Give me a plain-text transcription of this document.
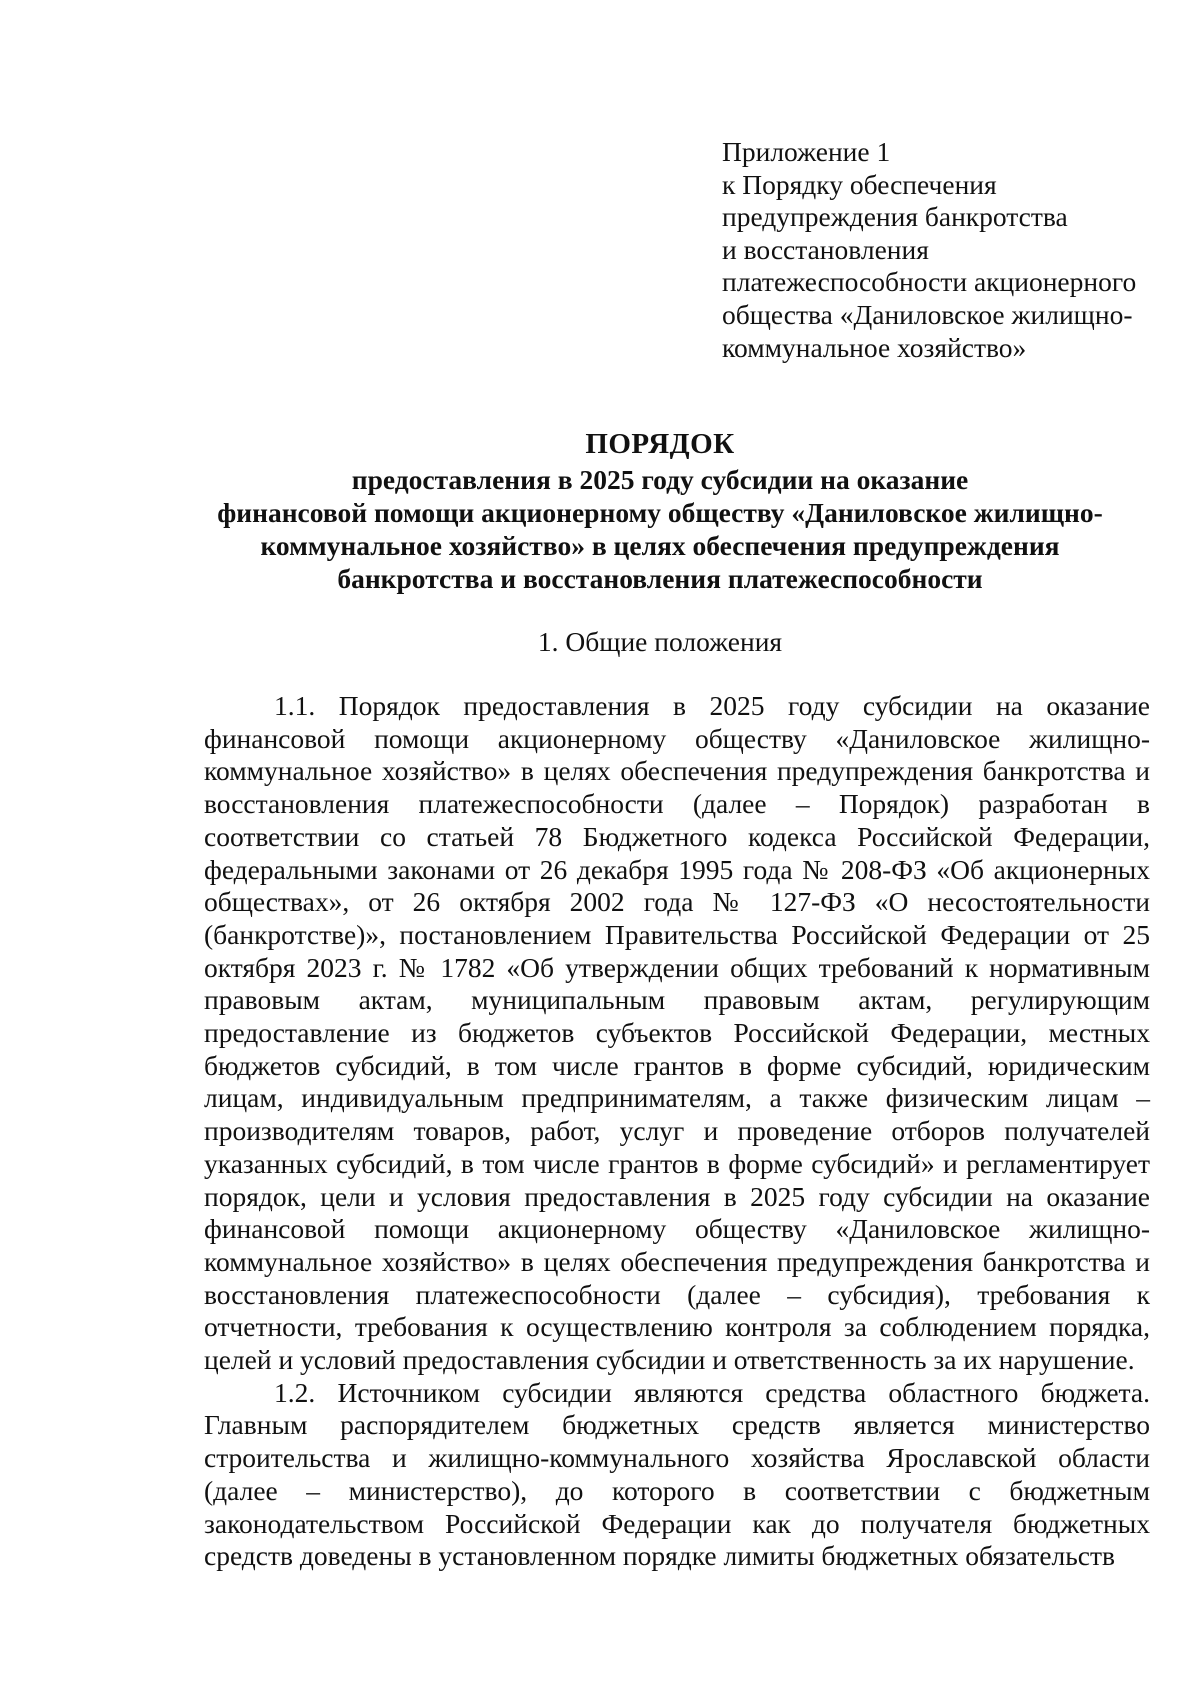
Приложение 1
к Порядку обеспечения
предупреждения банкротства
и восстановления
платежеспособности акционерного
общества «Даниловское жилищно-
коммунальное хозяйство»
ПОРЯДОК
предоставления в 2025 году субсидии на оказание
финансовой помощи акционерному обществу «Даниловское жилищно-
коммунальное хозяйство» в целях обеспечения предупреждения
банкротства и восстановления платежеспособности
1. Общие положения

1.1. Порядок предоставления в 2025 году субсидии на оказание финансовой помощи акционерному обществу «Даниловское жилищно-коммунальное хозяйство» в целях обеспечения предупреждения банкротства и восстановления платежеспособности (далее – Порядок) разработан в соответствии со статьей 78 Бюджетного кодекса Российской Федерации, федеральными законами от 26 декабря 1995 года № 208-ФЗ «Об акционерных обществах», от 26 октября 2002 года № 127-ФЗ «О несостоятельности (банкротстве)», постановлением Правительства Российской Федерации от 25 октября 2023 г. № 1782 «Об утверждении общих требований к нормативным правовым актам, муниципальным правовым актам, регулирующим предоставление из бюджетов субъектов Российской Федерации, местных бюджетов субсидий, в том числе грантов в форме субсидий, юридическим лицам, индивидуальным предпринимателям, а также физическим лицам – производителям товаров, работ, услуг и проведение отборов получателей указанных субсидий, в том числе грантов в форме субсидий» и регламентирует порядок, цели и условия предоставления в 2025 году субсидии на оказание финансовой помощи акционерному обществу «Даниловское жилищно-коммунальное хозяйство» в целях обеспечения предупреждения банкротства и восстановления платежеспособности (далее – субсидия), требования к отчетности, требования к осуществлению контроля за соблюдением порядка, целей и условий предоставления субсидии и ответственность за их нарушение.

1.2. Источником субсидии являются средства областного бюджета. Главным распорядителем бюджетных средств является министерство строительства и жилищно-коммунального хозяйства Ярославской области (далее – министерство), до которого в соответствии с бюджетным законодательством Российской Федерации как до получателя бюджетных средств доведены в установленном порядке лимиты бюджетных обязательств
